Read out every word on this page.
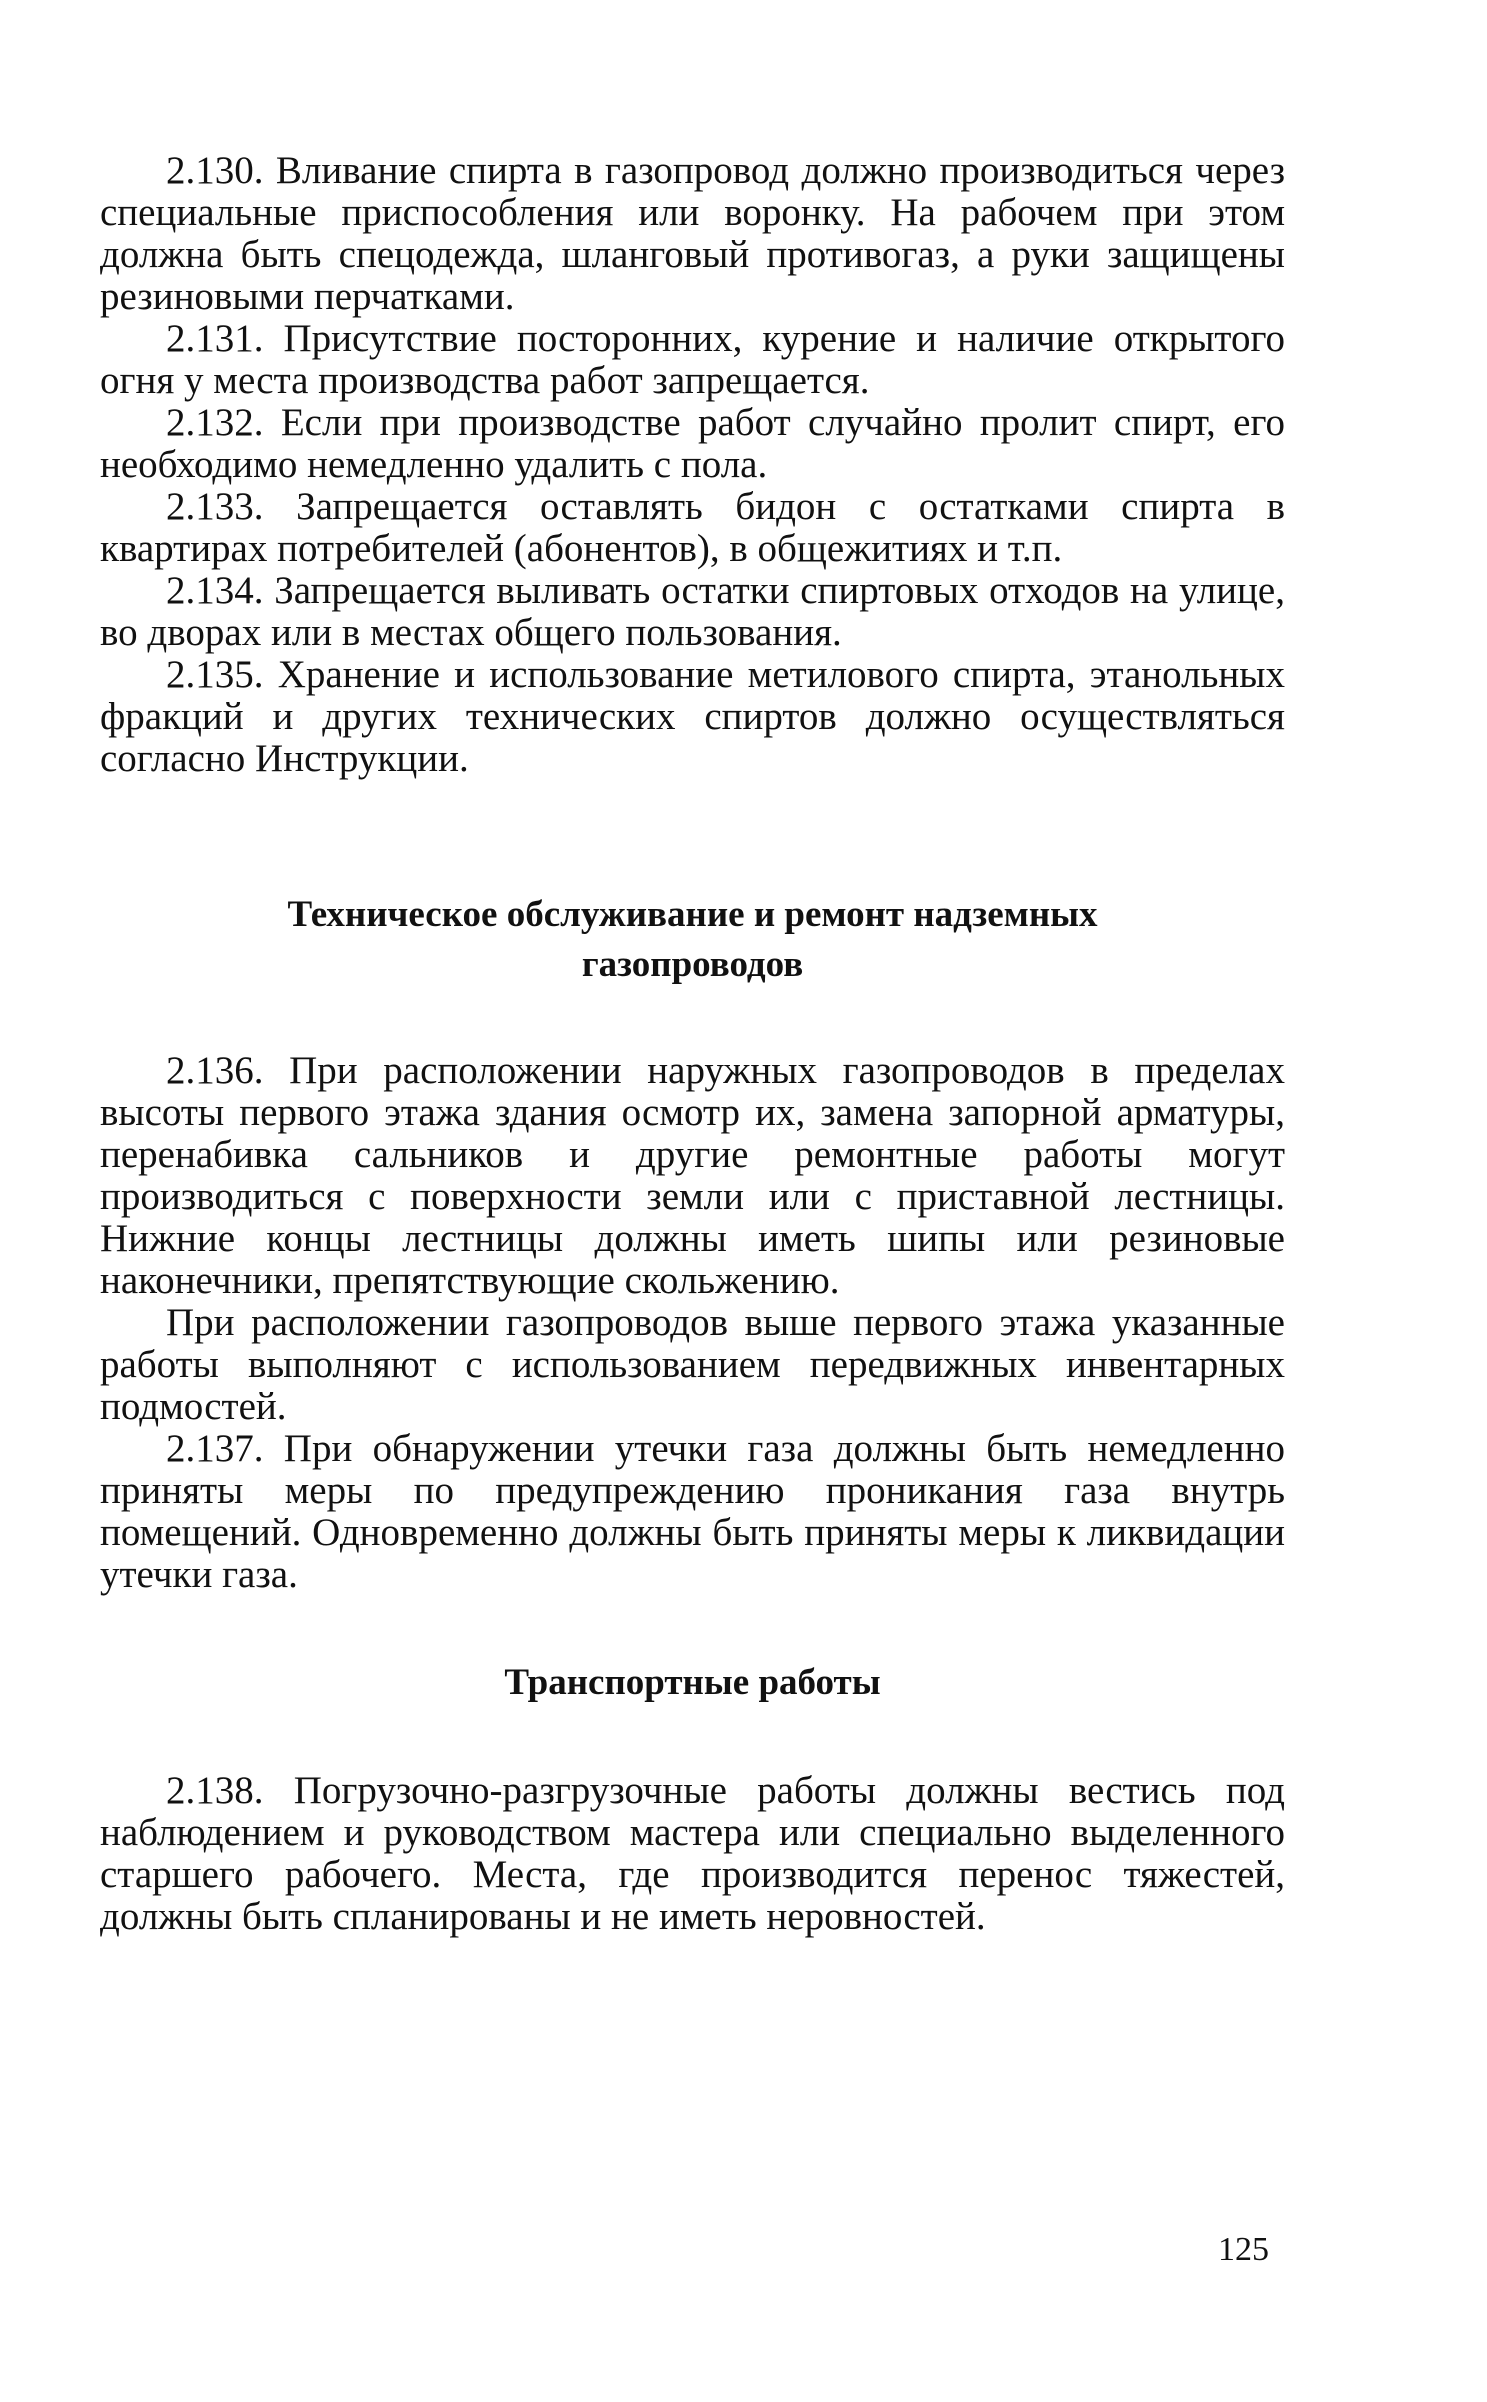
2.130. Вливание спирта в газопровод должно производиться через специальные приспособления или воронку. На рабочем при этом должна быть спецодежда, шланговый противогаз, а руки защищены резиновыми перчатками.

2.131. Присутствие посторонних, курение и наличие открытого огня у места производства работ запрещается.

2.132. Если при производстве работ случайно пролит спирт, его необходимо немедленно удалить с пола.

2.133. Запрещается оставлять бидон с остатками спирта в квартирах потребителей (абонентов), в общежитиях и т.п.

2.134. Запрещается выливать остатки спиртовых отходов на улице, во дворах или в местах общего пользования.

2.135. Хранение и использование метилового спирта, этанольных фракций и других технических спиртов должно осуществляться согласно Инструкции.

Техническое обслуживание и ремонт надземных газопроводов

2.136. При расположении наружных газопроводов в пределах высоты первого этажа здания осмотр их, замена запорной арматуры, перенабивка сальников и другие ремонтные работы могут производиться с поверхности земли или с приставной лестницы. Нижние концы лестницы должны иметь шипы или резиновые наконечники, препятствующие скольжению.

При расположении газопроводов выше первого этажа указанные работы выполняют с использованием передвижных инвентарных подмостей.

2.137. При обнаружении утечки газа должны быть немедленно приняты меры по предупреждению проникания газа внутрь помещений. Одновременно должны быть приняты меры к ликвидации утечки газа.

Транспортные работы

2.138. Погрузочно-разгрузочные работы должны вестись под наблюдением и руководством мастера или специально выделенного старшего рабочего. Места, где производится перенос тяжестей, должны быть спланированы и не иметь неровностей.

125
